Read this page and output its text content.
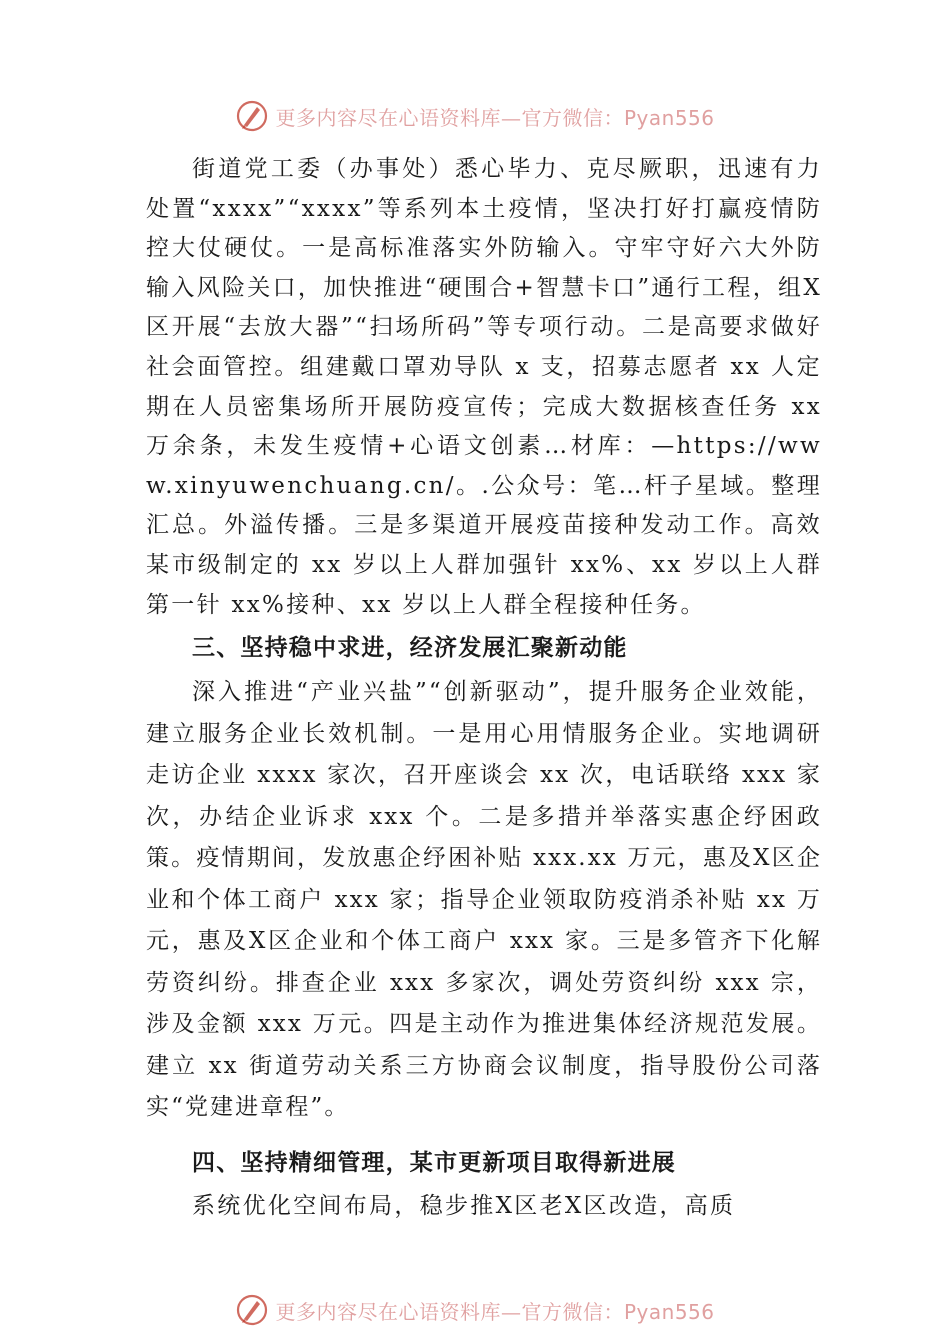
更多内容尽在心语资料库—官方微信：Pyan556

街道党工委（办事处）悉心毕力、克尽厥职，迅速有力处置“xxxx”“xxxx”等系列本土疫情，坚决打好打赢疫情防控大仗硬仗。一是高标准落实外防输入。守牢守好六大外防输入风险关口，加快推进“硬围合+智慧卡口”通行工程，组X区开展“去放大器”“扫场所码”等专项行动。二是高要求做好社会面管控。组建戴口罩劝导队 x 支，招募志愿者 xx 人定期在人员密集场所开展防疫宣传；完成大数据核查任务 xx 万余条，未发生疫情+心语文创素…材库：—https://www.xinyuwenchuang.cn/。.公众号：笔…杆子星域。整理汇总。外溢传播。三是多渠道开展疫苗接种发动工作。高效某市级制定的 xx 岁以上人群加强针 xx%、xx 岁以上人群第一针 xx%接种、xx 岁以上人群全程接种任务。

三、坚持稳中求进，经济发展汇聚新动能

深入推进“产业兴盐”“创新驱动”，提升服务企业效能，建立服务企业长效机制。一是用心用情服务企业。实地调研走访企业 xxxx 家次，召开座谈会 xx 次，电话联络 xxx 家次，办结企业诉求 xxx 个。二是多措并举落实惠企纾困政策。疫情期间，发放惠企纾困补贴 xxx.xx 万元，惠及X区企业和个体工商户 xxx 家；指导企业领取防疫消杀补贴 xx 万元，惠及X区企业和个体工商户 xxx 家。三是多管齐下化解劳资纠纷。排查企业 xxx 多家次，调处劳资纠纷 xxx 宗，涉及金额 xxx 万元。四是主动作为推进集体经济规范发展。建立 xx 街道劳动关系三方协商会议制度，指导股份公司落实“党建进章程”。

四、坚持精细管理，某市更新项目取得新进展

系统优化空间布局，稳步推X区老X区改造，高质

更多内容尽在心语资料库—官方微信：Pyan556
